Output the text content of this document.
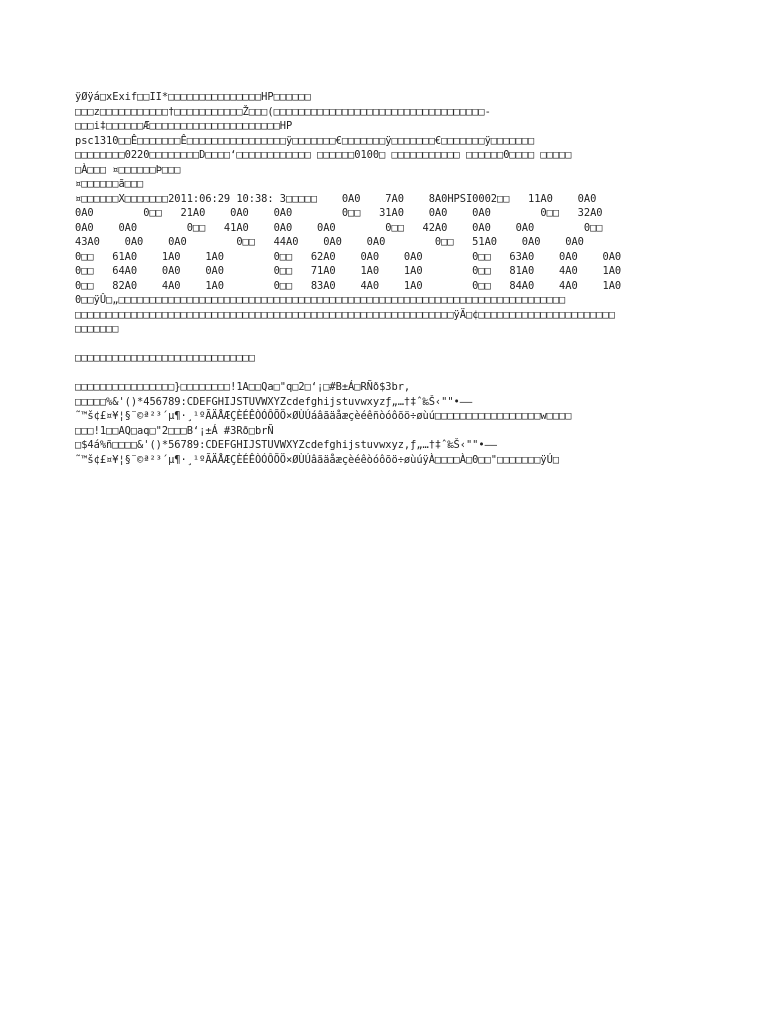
ÿØÿá□xExif□□II*□□□□□□□□□□□□□□□HP□□□□□□
□□□z□□□□□□□□□□□†□□□□□□□□□□□Ž□□□(□□□□□□□□□□□□□□□□□□□□□□□□□□□□□□□□□□-
□□□i‡□□□□□□Æ□□□□□□□□□□□□□□□□□□□□□HP
psc1310□□Ê□□□□□□□Ê□□□□□□□□□□□□□□□□ÿ□□□□□□□€□□□□□□□ÿ□□□□□□□€□□□□□□□ÿ□□□□□□□
□□□□□□□□0220□□□□□□□□D□□□□‘□□□□□□□□□□□□ □□□□□□0100□ □□□□□□□□□□□ □□□□□□0□□□□ □□□□□
□À□□□ ¤□□□□□□Þ□□□
¤□□□□□□ã□□□
¤□□□□□□X□□□□□□□2011:06:29 10:38: 3□□□□□    0A0    7A0    8A0HPSI0002□□   11A0    0A0
0A0        0□□   21A0    0A0    0A0        0□□   31A0    0A0    0A0        0□□   32A0
0A0    0A0        0□□   41A0    0A0    0A0        0□□   42A0    0A0    0A0        0□□
43A0    0A0    0A0        0□□   44A0    0A0    0A0        0□□   51A0    0A0    0A0
0□□   61A0    1A0    1A0        0□□   62A0    0A0    0A0        0□□   63A0    0A0    0A0
0□□   64A0    0A0    0A0        0□□   71A0    1A0    1A0        0□□   81A0    4A0    1A0
0□□   82A0    4A0    1A0        0□□   83A0    4A0    1A0        0□□   84A0    4A0    1A0
0□□ÿÛ□„□□□□□□□□□□□□□□□□□□□□□□□□□□□□□□□□□□□□□□□□□□□□□□□□□□□□□□□□□□□□□□□□□□□□□□□□
□□□□□□□□□□□□□□□□□□□□□□□□□□□□□□□□□□□□□□□□□□□□□□□□□□□□□□□□□□□□□ÿÄ□¢□□□□□□□□□□□□□□□□□□□□□□
□□□□□□□
□□□□□□□□□□□□□□□□□□□□□□□□□□□□□
□□□□□□□□□□□□□□□□}□□□□□□□□!1A□□Qa□"q□2□‘¡□#B±Á□RÑð$3br‚
□□□□□%&'()*456789:CDEFGHIJSTUVWXYZcdefghijstuvwxyzƒ„…†‡ˆ‰Š‹""•–—
˜™š¢£¤¥¦§¨©ª²³´µ¶·¸¹ºÃÄÅÆÇÈÉÊÒÓÔÕÖ×ØÙÚáâãäåæçèéêñòóôõö÷øùú□□□□□□□□□□□□□□□□□w□□□□
□□□!1□□AQ□aq□"2□□□B‘¡±Á #3Rð□brÑ
□$4á%ñ□□□□&'()*56789:CDEFGHIJSTUVWXYZcdefghijstuvwxyz‚ƒ„…†‡ˆ‰Š‹""•–—
˜™š¢£¤¥¦§¨©ª²³´µ¶·¸¹ºÃÄÅÆÇÈÉÊÒÓÔÕÖ×ØÙÚâãäåæçèéêòóôõö÷øùúÿÀ□□□□À□0□□"□□□□□□□ÿÚ□
